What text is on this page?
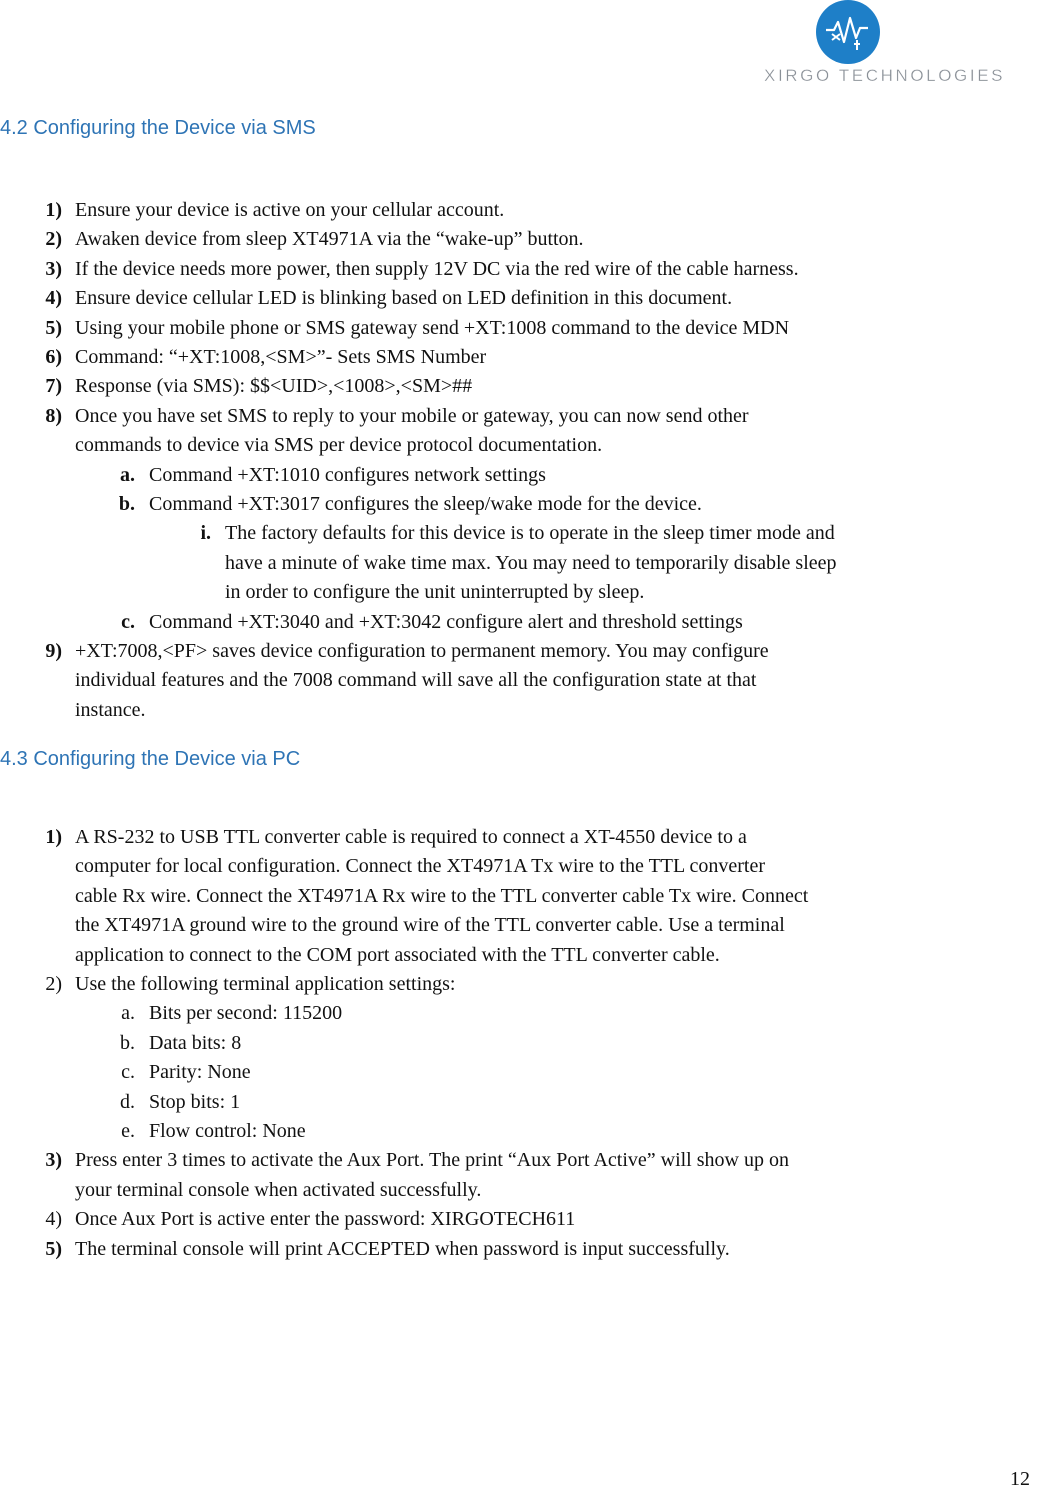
XIRGO TECHNOLOGIES
4.2 Configuring the Device via SMS
1) Ensure your device is active on your cellular account.
2) Awaken device from sleep XT4971A via the “wake-up” button.
3) If the device needs more power, then supply 12V DC via the red wire of the cable harness.
4) Ensure device cellular LED is blinking based on LED definition in this document.
5) Using your mobile phone or SMS gateway send +XT:1008 command to the device MDN
6) Command: “+XT:1008,<SM>”- Sets SMS Number
7) Response (via SMS): $$<UID>,<1008>,<SM>##
8) Once you have set SMS to reply to your mobile or gateway, you can now send other
commands to device via SMS per device protocol documentation.
a. Command +XT:1010 configures network settings
b. Command +XT:3017 configures the sleep/wake mode for the device.
i. The factory defaults for this device is to operate in the sleep timer mode and
have a minute of wake time max. You may need to temporarily disable sleep
in order to configure the unit uninterrupted by sleep.
c. Command +XT:3040 and +XT:3042 configure alert and threshold settings
9) +XT:7008,<PF> saves device configuration to permanent memory. You may configure
individual features and the 7008 command will save all the configuration state at that
instance.
4.3 Configuring the Device via PC
1) A RS-232 to USB TTL converter cable is required to connect a XT-4550 device to a
computer for local configuration. Connect the XT4971A Tx wire to the TTL converter
cable Rx wire. Connect the XT4971A Rx wire to the TTL converter cable Tx wire. Connect
the XT4971A ground wire to the ground wire of the TTL converter cable. Use a terminal
application to connect to the COM port associated with the TTL converter cable.
2) Use the following terminal application settings:
a. Bits per second: 115200
b. Data bits: 8
c. Parity: None
d. Stop bits: 1
e. Flow control: None
3) Press enter 3 times to activate the Aux Port. The print “Aux Port Active” will show up on
your terminal console when activated successfully.
4) Once Aux Port is active enter the password: XIRGOTECH611
5) The terminal console will print ACCEPTED when password is input successfully.
12
